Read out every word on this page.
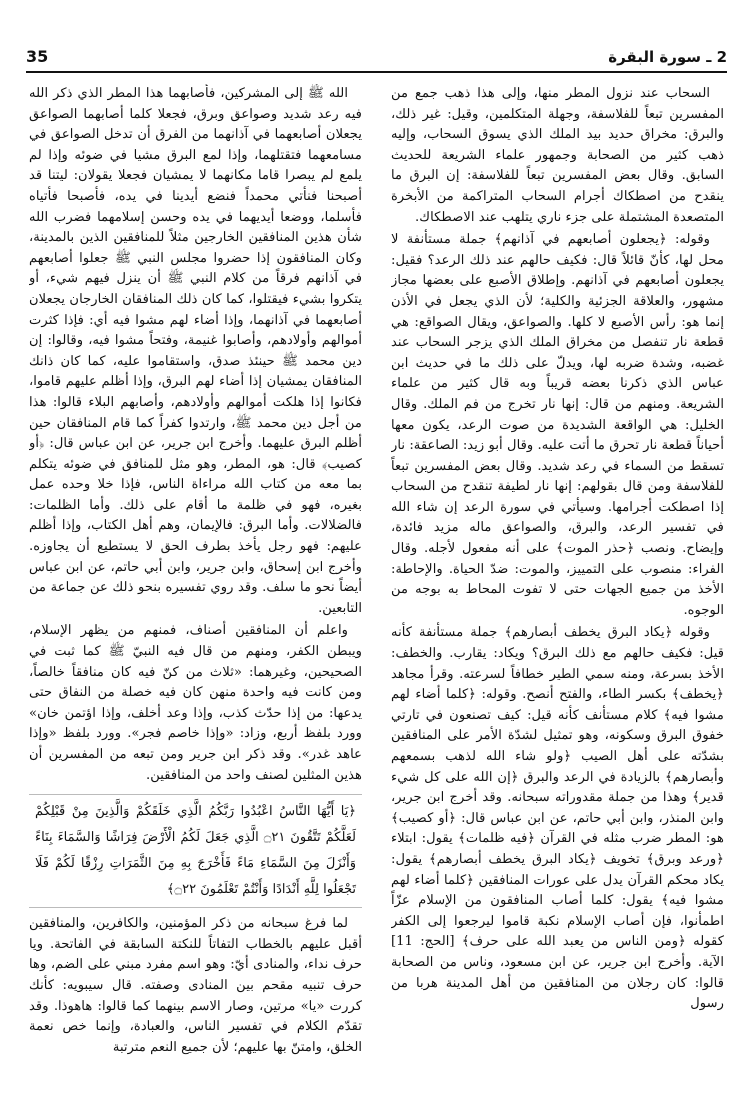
35	2 ـ سورة البقرة

السحاب عند نزول المطر منها، وإلى هذا ذهب جمع من المفسرين تبعاً للفلاسفة، وجهلة المتكلمين، وقيل: غير ذلك، والبرق: مخراق حديد بيد الملك الذي يسوق السحاب، وإليه ذهب كثير من الصحابة وجمهور علماء الشريعة للحديث السابق. وقال بعض المفسرين تبعاً للفلاسفة: إن البرق ما ينقدح من اصطكاك أجرام السحاب المتراكمة من الأبخرة المتصعدة المشتملة على جزء ناري يتلهب عند الاصطكاك.

وقوله: ﴿يجعلون أصابعهم في آذانهم﴾ جملة مستأنفة لا محل لها، كأنّ قائلاً قال: فكيف حالهم عند ذلك الرعد؟ فقيل: يجعلون أصابعهم في آذانهم. وإطلاق الأصبع على بعضها مجاز مشهور، والعلاقة الجزئية والكلية؛ لأن الذي يجعل في الأذن إنما هو: رأس الأصبع لا كلها. والصواعق، ويقال الصواقع: هي قطعة نار تنفصل من مخراق الملك الذي يزجر السحاب عند غضبه، وشدة ضربه لها، ويدلّ على ذلك ما في حديث ابن عباس الذي ذكرنا بعضه قريباً وبه قال كثير من علماء الشريعة. ومنهم من قال: إنها نار تخرج من فم الملك. وقال الخليل: هي الواقعة الشديدة من صوت الرعد، يكون معها أحياناً قطعة نار تحرق ما أتت عليه. وقال أبو زيد: الصاعقة: نار تسقط من السماء في رعد شديد. وقال بعض المفسرين تبعاً للفلاسفة ومن قال بقولهم: إنها نار لطيفة تنقدح من السحاب إذا اصطكت أجرامها. وسيأتي في سورة الرعد إن شاء الله في تفسير الرعد، والبرق، والصواعق ماله مزيد فائدة، وإيضاح. ونصب ﴿حذر الموت﴾ على أنه مفعول لأجله. وقال الفراء: منصوب على التمييز، والموت: ضدّ الحياة. والإحاطة: الأخذ من جميع الجهات حتى لا تفوت المحاط به بوجه من الوجوه.

وقوله ﴿يكاد البرق يخطف أبصارهم﴾ جملة مستأنفة كأنه قيل: فكيف حالهم مع ذلك البرق؟ ويكاد: يقارب. والخطف: الأخذ بسرعة، ومنه سمي الطير خطافاً لسرعته. وقرأ مجاهد ﴿يخطف﴾ بكسر الطاء، والفتح أنصح. وقوله: ﴿كلما أضاء لهم مشوا فيه﴾ كلام مستأنف كأنه قيل: كيف تصنعون في تارتي خفوق البرق وسكونه، وهو تمثيل لشدّة الأمر على المنافقين بشدّته على أهل الصيب ﴿ولو شاء الله لذهب بسمعهم وأبصارهم﴾ بالزيادة في الرعد والبرق ﴿إن الله على كل شيء قدير﴾ وهذا من جملة مقدوراته سبحانه. وقد أخرج ابن جرير، وابن المنذر، وابن أبي حاتم، عن ابن عباس قال: ﴿أو كصيب﴾ هو: المطر ضرب مثله في القرآن ﴿فيه ظلمات﴾ يقول: ابتلاء ﴿ورعد وبرق﴾ تخويف ﴿يكاد البرق يخطف أبصارهم﴾ يقول: يكاد محكم القرآن يدل على عورات المنافقين ﴿كلما أضاء لهم مشوا فيه﴾ يقول: كلما أصاب المنافقون من الإسلام عزّاً اطمأنوا، فإن أصاب الإسلام نكبة قاموا ليرجعوا إلى الكفر كقوله ﴿ومن الناس من يعبد الله على حرف﴾ [الحج: 11] الآية. وأخرج ابن جرير، عن ابن مسعود، وناس من الصحابة قالوا: كان رجلان من المنافقين من أهل المدينة هربا من رسول

الله ﷺ إلى المشركين، فأصابهما هذا المطر الذي ذكر الله فيه رعد شديد وصواعق وبرق، فجعلا كلما أصابهما الصواعق يجعلان أصابعهما في آذانهما من الفرق أن تدخل الصواعق في مسامعهما فتقتلهما، وإذا لمع البرق مشيا في ضوئه وإذا لم يلمع لم يبصرا قاما مكانهما لا يمشيان فجعلا يقولان: ليتنا قد أصبحنا فنأتي محمداً فنضع أيدينا في يده، فأصبحا فأتياه فأسلما، ووضعا أيديهما في يده وحسن إسلامهما فضرب الله شأن هذين المنافقين الخارجين مثلاً للمنافقين الذين بالمدينة، وكان المنافقون إذا حضروا مجلس النبي ﷺ جعلوا أصابعهم في آذانهم فرقاً من كلام النبي ﷺ أن ينزل فيهم شيء، أو يتكروا بشيء فيقتلوا، كما كان ذلك المنافقان الخارجان يجعلان أصابعهما في آذانهما، وإذا أضاء لهم مشوا فيه أي: فإذا كثرت أموالهم وأولادهم، وأصابوا غنيمة، وفتحاً مشوا فيه، وقالوا: إن دين محمد ﷺ حينئذ صدق، واستقاموا عليه، كما كان ذانك المنافقان يمشيان إذا أضاء لهم البرق، وإذا أظلم عليهم قاموا، فكانوا إذا هلكت أموالهم وأولادهم، وأصابهم البلاء قالوا: هذا من أجل دين محمد ﷺ، وارتدوا كفراً كما قام المنافقان حين أظلم البرق عليهما. وأخرج ابن جرير، عن ابن عباس قال: ﴿أو كصيب﴾ قال: هو، المطر، وهو مثل للمنافق في ضوئه يتكلم بما معه من كتاب الله مراءاة الناس، فإذا خلا وحده عمل بغيره، فهو في ظلمة ما أقام على ذلك. وأما الظلمات: فالضلالات. وأما البرق: فالإيمان، وهم أهل الكتاب، وإذا أظلم عليهم: فهو رجل يأخذ بطرف الحق لا يستطيع أن يجاوزه. وأخرج ابن إسحاق، وابن جرير، وابن أبي حاتم، عن ابن عباس أيضاً نحو ما سلف. وقد روي تفسيره بنحو ذلك عن جماعة من التابعين.

واعلم أن المنافقين أصناف، فمنهم من يظهر الإسلام، ويبطن الكفر، ومنهم من قال فيه النبيّ ﷺ كما ثبت في الصحيحين، وغيرهما: «ثلاث من كنّ فيه كان منافقاً خالصاً، ومن كانت فيه واحدة منهن كان فيه خصلة من النفاق حتى يدعها: من إذا حدّث كذب، وإذا وعد أخلف، وإذا اؤتمن خان» وورد بلفظ أربع، وزاد: «وإذا خاصم فجر». وورد بلفظ «وإذا عاهد غدر». وقد ذكر ابن جرير ومن تبعه من المفسرين أن هذين المثلين لصنف واحد من المنافقين.

﴿يَا أَيُّهَا النَّاسُ اعْبُدُوا رَبَّكُمُ الَّذِي خَلَقَكُمْ وَالَّذِينَ مِنْ قَبْلِكُمْ لَعَلَّكُمْ تَتَّقُونَ ۝٢١ الَّذِي جَعَلَ لَكُمُ الْأَرْضَ فِرَاشًا وَالسَّمَاءَ بِنَاءً وَأَنْزَلَ مِنَ السَّمَاءِ مَاءً فَأَخْرَجَ بِهِ مِنَ الثَّمَرَاتِ رِزْقًا لَكُمْ فَلَا تَجْعَلُوا لِلَّهِ أَنْدَادًا وَأَنْتُمْ تَعْلَمُونَ ۝٢٢﴾

لما فرغ سبحانه من ذكر المؤمنين، والكافرين، والمنافقين أقبل عليهم بالخطاب التفاتاً للنكتة السابقة في الفاتحة. ويا حرف نداء، والمنادى أيّ: وهو اسم مفرد مبني على الضم، وها حرف تنبيه مقحم بين المنادى وصفته. قال سيبويه: كأنك كررت «يا» مرتين، وصار الاسم بينهما كما قالوا: هاهوذا. وقد تقدّم الكلام في تفسير الناس، والعبادة، وإنما خص نعمة الخلق، وامتنّ بها عليهم؛ لأن جميع النعم مترتبة
